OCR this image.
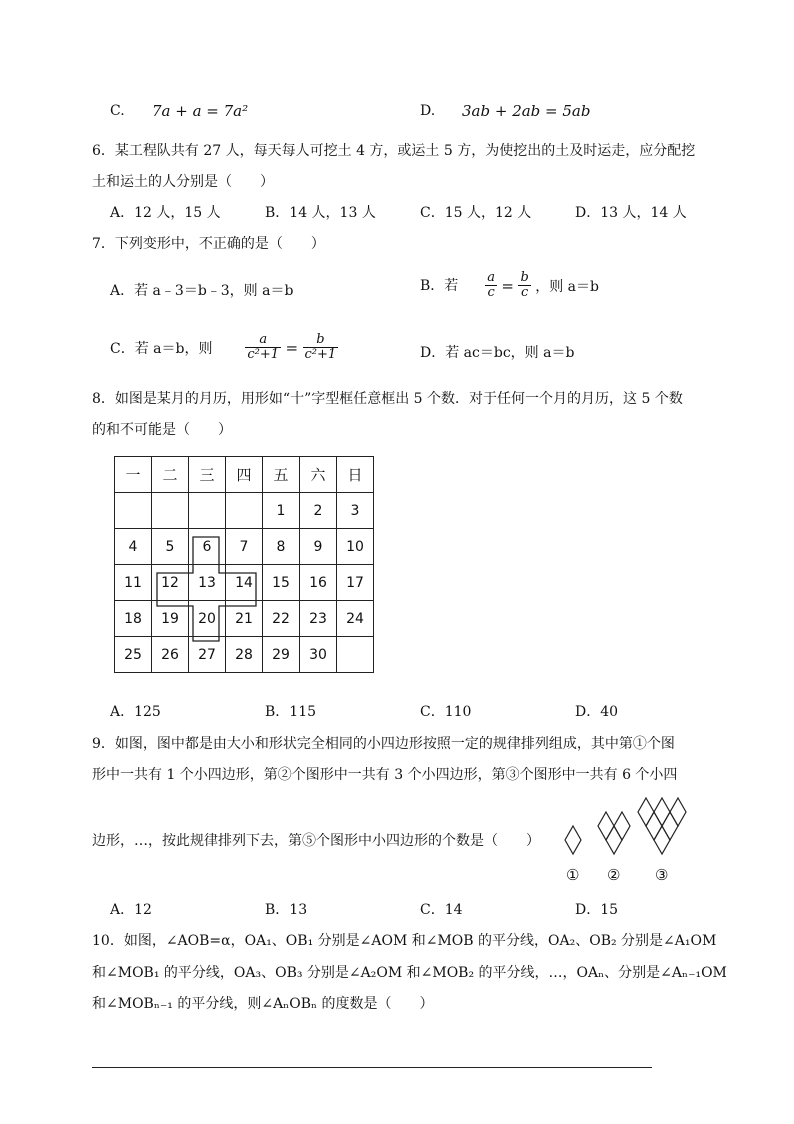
C. 7a + a = 7a²	D. 3ab + 2ab = 5ab
6．某工程队共有 27 人，每天每人可挖土 4 方，或运土 5 方，为使挖出的土及时运走，应分配挖
土和运土的人分别是（　　）
A．12 人，15 人	B．14 人，13 人	C．15 人，12 人	D．13 人，14 人
7．下列变形中，不正确的是（　　）
A．若 a﹣3＝b﹣3，则 a＝b	B．若 $\frac{a}{c} = \frac{b}{c}$ ，则 a＝b
C．若 a＝b，则	$\frac{a}{\text{c²+1}} = \frac{b}{\text{c²+1}}$	D．若 ac＝bc，则 a＝b
8．如图是某月的月历，用形如“十”字型框任意框出 5 个数．对于任何一个月的月历，这 5 个数
的和不可能是（　　）
一	二	三	四	五	六	日
				1	2	3
4	5	6	7	8	9	10
11	12	13	14	15	16	17
18	19	20	21	22	23	24
25	26	27	28	29	30	
A．125	B．115	C．110	D．40
9．如图，图中都是由大小和形状完全相同的小四边形按照一定的规律排列组成，其中第①个图
形中一共有 1 个小四边形，第②个图形中一共有 3 个小四边形，第③个图形中一共有 6 个小四
边形，…，按此规律排列下去，第⑤个图形中小四边形的个数是（　　）
① ② ③
A．12	B．13	C．14	D．15
10．如图，∠AOB=α，OA₁、OB₁ 分别是∠AOM 和∠MOB 的平分线，OA₂、OB₂ 分别是∠A₁OM
和∠MOB₁ 的平分线，OA₃、OB₃ 分别是∠A₂OM 和∠MOB₂ 的平分线，…，OAₙ、分别是∠Aₙ₋₁OM
和∠MOBₙ₋₁ 的平分线，则∠AₙOBₙ 的度数是（　　）
